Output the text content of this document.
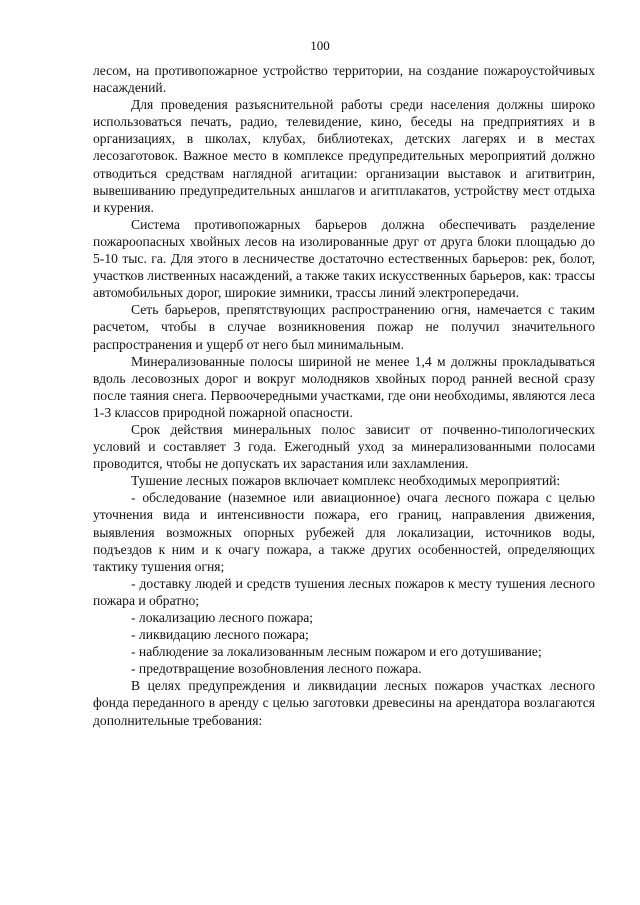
100

лесом, на противопожарное устройство территории, на создание пожароустойчивых насаждений.

Для проведения разъяснительной работы среди населения должны широко использоваться печать, радио, телевидение, кино, беседы на предприятиях и в организациях, в школах, клубах, библиотеках, детских лагерях и в местах лесозаготовок. Важное место в комплексе предупредительных мероприятий должно отводиться средствам наглядной агитации: организации выставок и агитвитрин, вывешиванию предупредительных аншлагов и агитплакатов, устройству мест отдыха и курения.

Система противопожарных барьеров должна обеспечивать разделение пожароопасных хвойных лесов на изолированные друг от друга блоки площадью до 5-10 тыс. га. Для этого в лесничестве достаточно естественных барьеров: рек, болот, участков лиственных насаждений, а также таких искусственных барьеров, как: трассы автомобильных дорог, широкие зимники, трассы линий электропередачи.

Сеть барьеров, препятствующих распространению огня, намечается с таким расчетом, чтобы в случае возникновения пожар не получил значительного распространения и ущерб от него был минимальным.

Минерализованные полосы шириной не менее 1,4 м должны прокладываться вдоль лесовозных дорог и вокруг молодняков хвойных пород ранней весной сразу после таяния снега. Первоочередными участками, где они необходимы, являются леса 1-3 классов природной пожарной опасности.

Срок действия минеральных полос зависит от почвенно-типологических условий и составляет 3 года. Ежегодный уход за минерализованными полосами проводится, чтобы не допускать их зарастания или захламления.

Тушение лесных пожаров включает комплекс необходимых мероприятий:

- обследование (наземное или авиационное) очага лесного пожара с целью уточнения вида и интенсивности пожара, его границ, направления движения, выявления возможных опорных рубежей для локализации, источников воды, подъездов к ним и к очагу пожара, а также других особенностей, определяющих тактику тушения огня;

- доставку людей и средств тушения лесных пожаров к месту тушения лесного пожара и обратно;

- локализацию лесного пожара;

- ликвидацию лесного пожара;

- наблюдение за локализованным лесным пожаром и его дотушивание;

- предотвращение возобновления лесного пожара.

В целях предупреждения и ликвидации лесных пожаров участках лесного фонда переданного в аренду с целью заготовки древесины на арендатора возлагаются дополнительные требования:
